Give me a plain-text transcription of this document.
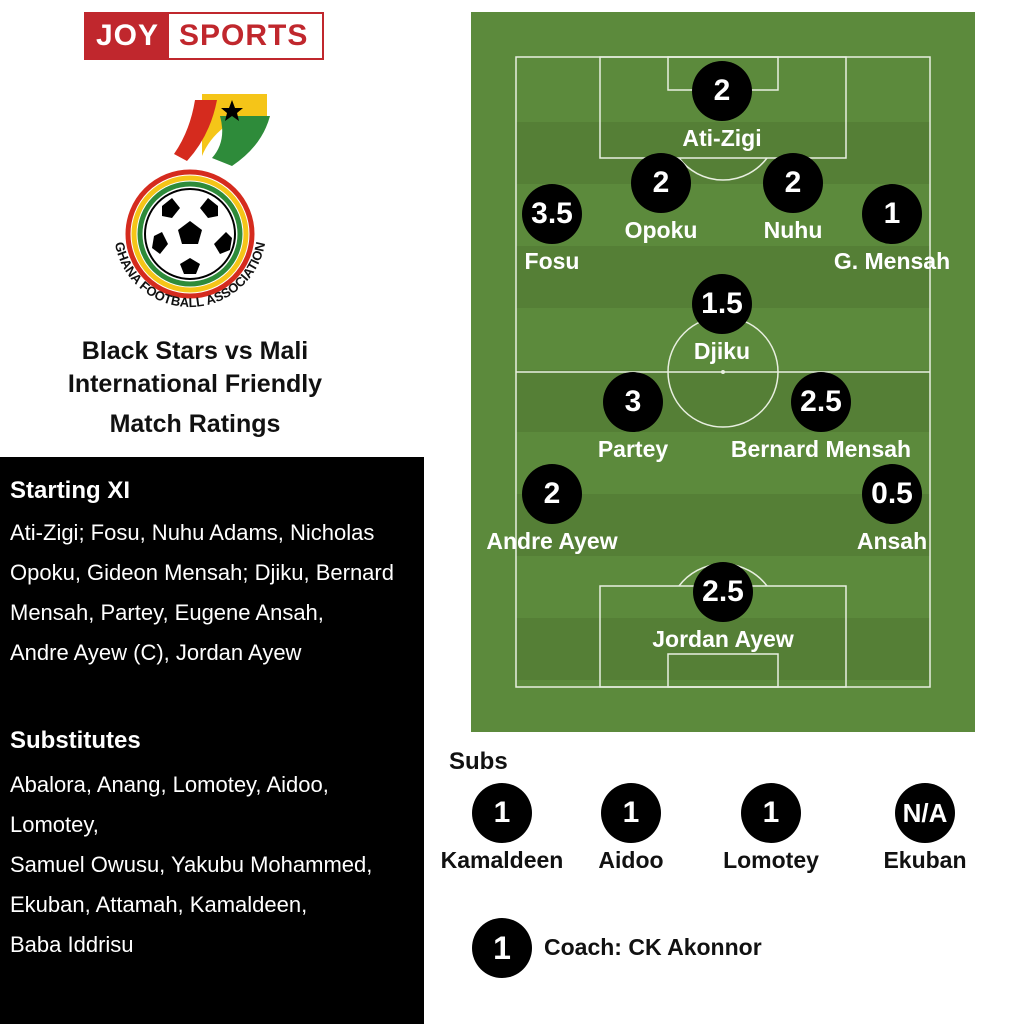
JOY SPORTS
GHANA FOOTBALL ASSOCIATION
Black Stars vs Mali
International Friendly
Match Ratings
Starting XI
Ati-Zigi; Fosu, Nuhu Adams, Nicholas
Opoku, Gideon Mensah; Djiku, Bernard
Mensah, Partey, Eugene Ansah,
Andre Ayew (C), Jordan Ayew
Substitutes
Abalora, Anang, Lomotey, Aidoo, Lomotey,
Samuel Owusu, Yakubu Mohammed,
Ekuban, Attamah, Kamaldeen,
Baba Iddrisu
2
Ati-Zigi
2
Opoku
2
Nuhu
3.5
Fosu
1
G. Mensah
1.5
Djiku
3
Partey
2.5
Bernard Mensah
2
Andre Ayew
0.5
Ansah
2.5
Jordan Ayew
Subs
1
Kamaldeen
1
Aidoo
1
Lomotey
N/A
Ekuban
1	Coach: CK Akonnor
